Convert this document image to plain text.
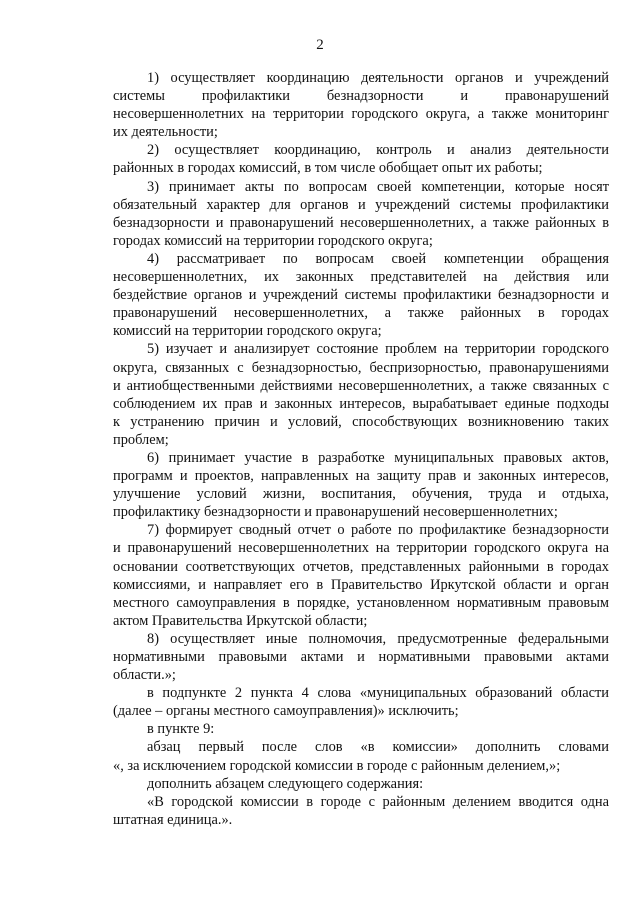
2
1) осуществляет координацию деятельности органов и учреждений
системы профилактики безнадзорности и правонарушений
несовершеннолетних на территории городского округа, а также мониторинг
их деятельности;
2) осуществляет координацию, контроль и анализ деятельности
районных в городах комиссий, в том числе обобщает опыт их работы;
3) принимает акты по вопросам своей компетенции, которые носят
обязательный характер для органов и учреждений системы профилактики
безнадзорности и правонарушений несовершеннолетних, а также районных в
городах комиссий на территории городского округа;
4) рассматривает по вопросам своей компетенции обращения
несовершеннолетних, их законных представителей на действия или
бездействие органов и учреждений системы профилактики безнадзорности и
правонарушений несовершеннолетних, а также районных в городах
комиссий на территории городского округа;
5) изучает и анализирует состояние проблем на территории городского
округа, связанных с безнадзорностью, беспризорностью, правонарушениями
и антиобщественными действиями несовершеннолетних, а также связанных с
соблюдением их прав и законных интересов, вырабатывает единые подходы
к устранению причин и условий, способствующих возникновению таких
проблем;
6) принимает участие в разработке муниципальных правовых актов,
программ и проектов, направленных на защиту прав и законных интересов,
улучшение условий жизни, воспитания, обучения, труда и отдыха,
профилактику безнадзорности и правонарушений несовершеннолетних;
7) формирует сводный отчет о работе по профилактике безнадзорности
и правонарушений несовершеннолетних на территории городского округа на
основании соответствующих отчетов, представленных районными в городах
комиссиями, и направляет его в Правительство Иркутской области и орган
местного самоуправления в порядке, установленном нормативным правовым
актом Правительства Иркутской области;
8) осуществляет иные полномочия, предусмотренные федеральными
нормативными правовыми актами и нормативными правовыми актами
области.»;
в подпункте 2 пункта 4 слова «муниципальных образований области
(далее – органы местного самоуправления)» исключить;
в пункте 9:
абзац первый после слов «в комиссии» дополнить словами
«, за исключением городской комиссии в городе с районным делением,»;
дополнить абзацем следующего содержания:
«В городской комиссии в городе с районным делением вводится одна
штатная единица.».
